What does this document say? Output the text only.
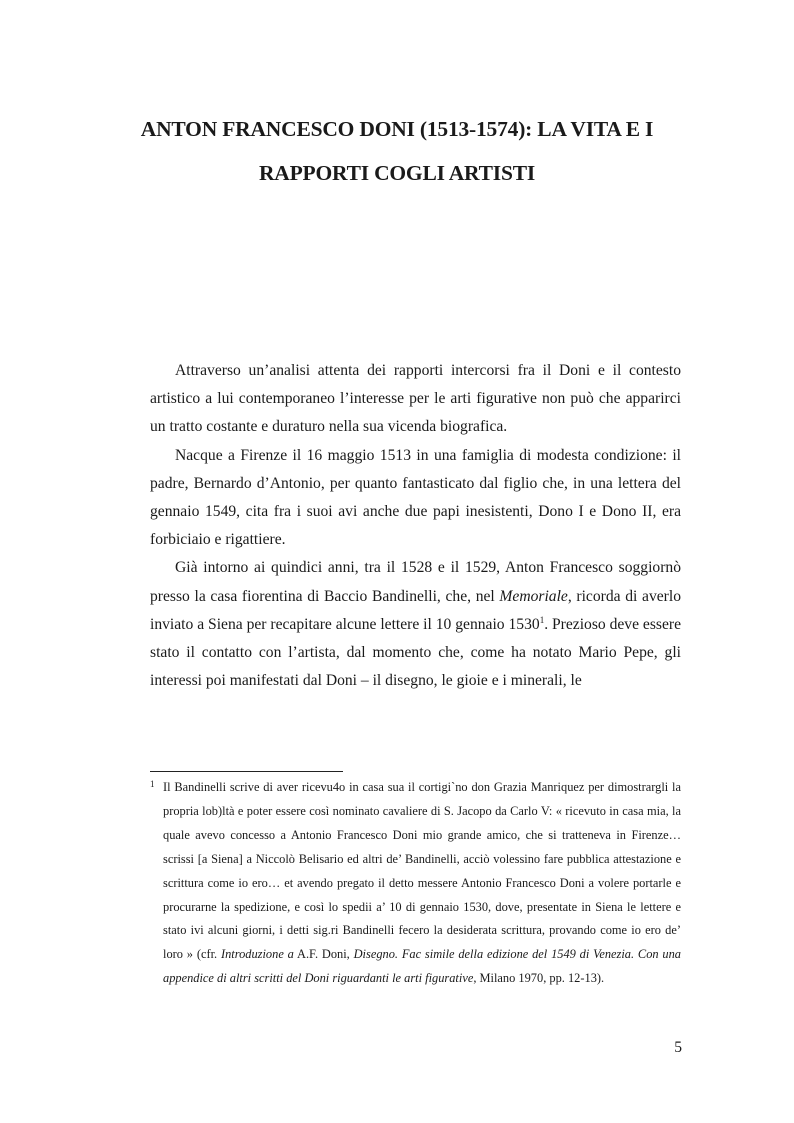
ANTON FRANCESCO DONI (1513-1574): LA VITA E I
RAPPORTI COGLI ARTISTI

Attraverso un’analisi attenta dei rapporti intercorsi fra il Doni e il contesto artistico a lui contemporaneo l’interesse per le arti figurative non può che apparirci un tratto costante e duraturo nella sua vicenda biografica.

Nacque a Firenze il 16 maggio 1513 in una famiglia di modesta condizione: il padre, Bernardo d’Antonio, per quanto fantasticato dal figlio che, in una lettera del gennaio 1549, cita fra i suoi avi anche due papi inesistenti, Dono I e Dono II, era forbiciaio e rigattiere.

Già intorno ai quindici anni, tra il 1528 e il 1529, Anton Francesco soggiornò presso la casa fiorentina di Baccio Bandinelli, che, nel Memoriale, ricorda di averlo inviato a Siena per recapitare alcune lettere il 10 gennaio 1530$^1$. Prezioso deve essere stato il contatto con l’artista, dal momento che, come ha notato Mario Pepe, gli interessi poi manifestati dal Doni – il disegno, le gioie e i minerali, le

1 Il Bandinelli scrive di aver ricevu4o in casa sua il cortigi`no don Grazia Manriquez per dimostrargli la propria lob)ltà e poter essere così nominato cavaliere di S. Jacopo da Carlo V: « ricevuto in casa mia, la quale avevo concesso a Antonio Francesco Doni mio grande amico, che si tratteneva in Firenze… scrissi [a Siena] a Niccolò Belisario ed altri de’ Bandinelli, acciò volessino fare pubblica attestazione e scrittura come io ero… et avendo pregato il detto messere Antonio Francesco Doni a volere portarle e procurarne la spedizione, e così lo spedii a’ 10 di gennaio 1530, dove, presentate in Siena le lettere e stato ivi alcuni giorni, i detti sig.ri Bandinelli fecero la desiderata scrittura, provando come io ero de’ loro » (cfr. Introduzione a A.F. Doni, Disegno. Fac simile della edizione del 1549 di Venezia. Con una appendice di altri scritti del Doni riguardanti le arti figurative, Milano 1970, pp. 12-13).

5
